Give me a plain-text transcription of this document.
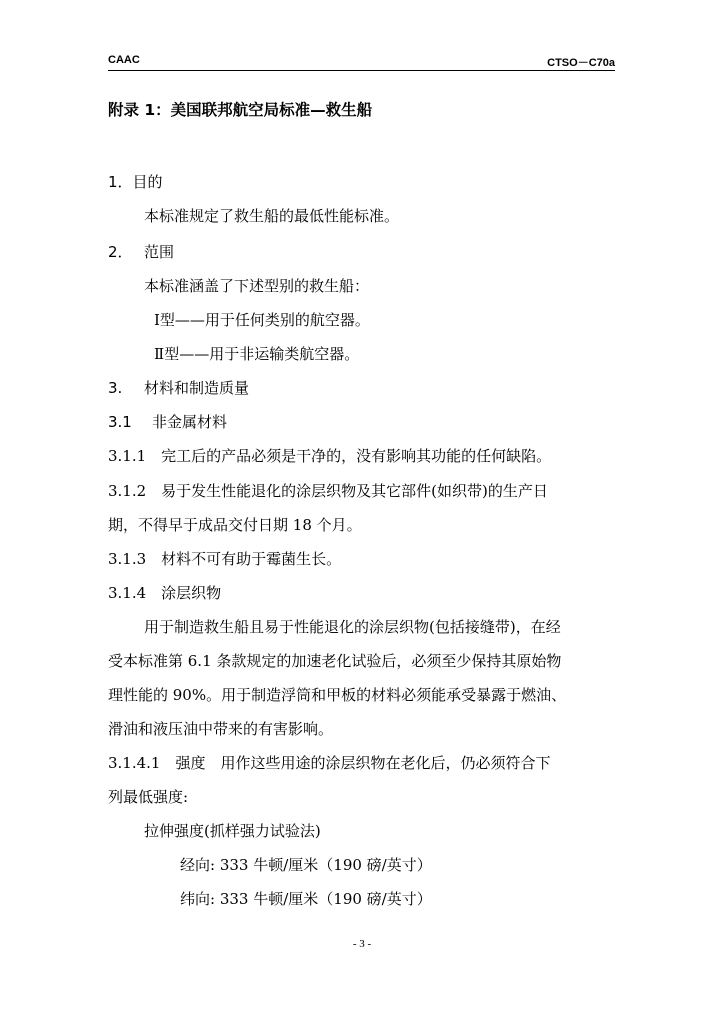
CAAC	CTSO－C70a
附录 1：美国联邦航空局标准—救生船
1．目的
本标准规定了救生船的最低性能标准。
2． 范围
本标准涵盖了下述型别的救生船：
Ⅰ型——用于任何类别的航空器。
Ⅱ型——用于非运输类航空器。
3. 材料和制造质量
3.1 非金属材料
3.1.1　完工后的产品必须是干净的，没有影响其功能的任何缺陷。
3.1.2　易于发生性能退化的涂层织物及其它部件(如织带)的生产日
期，不得早于成品交付日期 18 个月。
3.1.3　材料不可有助于霉菌生长。
3.1.4　涂层织物
用于制造救生船且易于性能退化的涂层织物(包括接缝带)，在经
受本标准第 6.1 条款规定的加速老化试验后，必须至少保持其原始物
理性能的 90%。用于制造浮筒和甲板的材料必须能承受暴露于燃油、
滑油和液压油中带来的有害影响。
3.1.4.1　强度　用作这些用途的涂层织物在老化后，仍必须符合下
列最低强度:
拉伸强度(抓样强力试验法)
经向: 333 牛顿/厘米（190 磅/英寸）
纬向: 333 牛顿/厘米（190 磅/英寸）
- 3 -
